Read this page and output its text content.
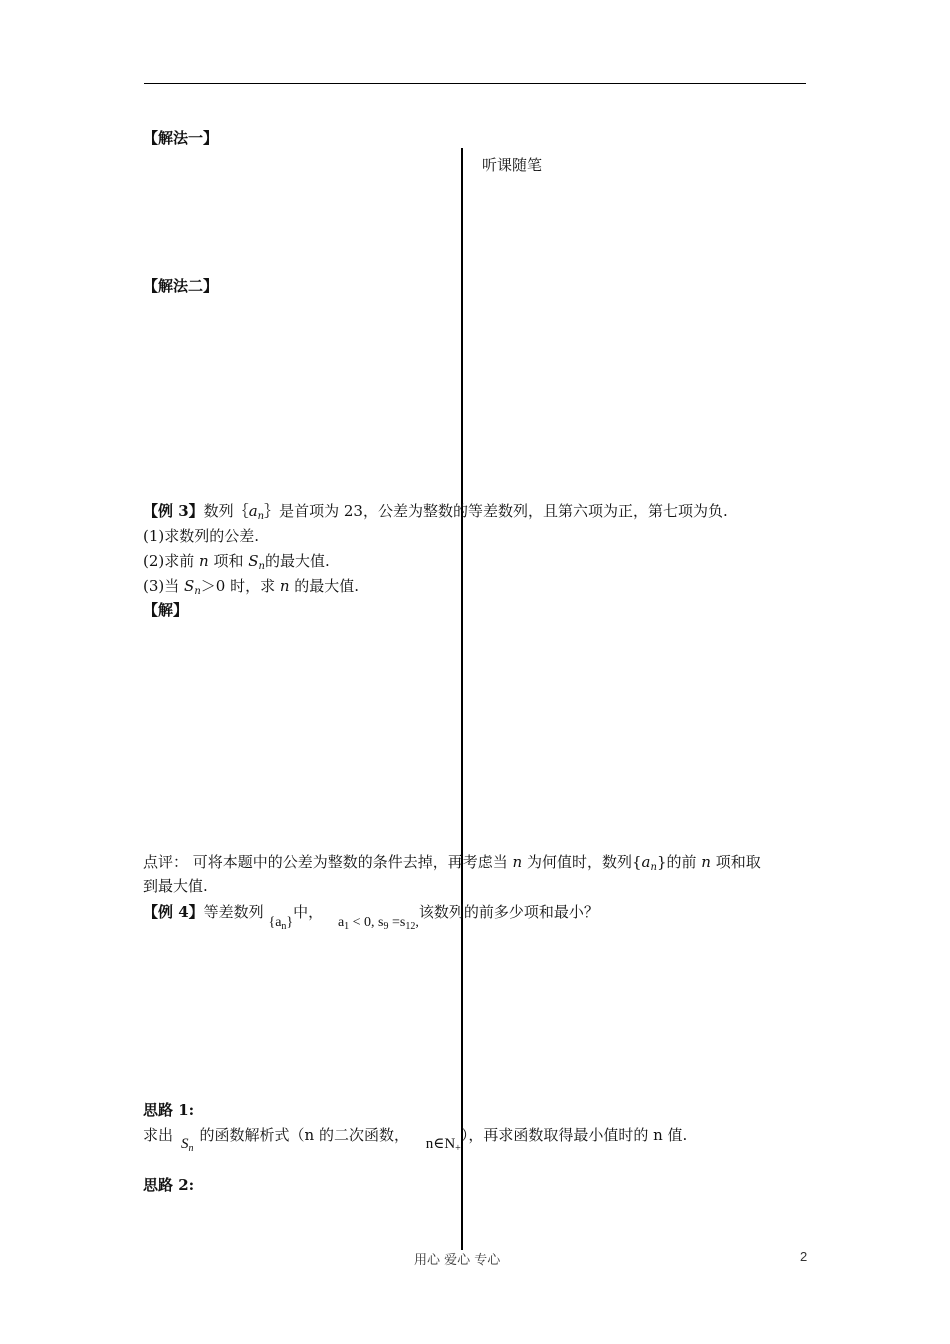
【解法一】
听课随笔
【解法二】
【例 3】数列$\{a_n\}$是首项为 23，公差为整数的等差数列，且第六项为正，第七项为负.
(1)求数列的公差.
(2)求前 n 项和 $S_n$的最大值.
(3)当 $S_n>0$ 时，求 n 的最大值.
【解】
点评： 可将本题中的公差为整数的条件去掉，再考虑当 n 为何值时，数列$\{a_n\}$的前 n 项和取
到最大值.
【例 4】等差数列 $\{a_n\}$中， $a_1 < 0$, $s_9 =s_{12}$,该数列的前多少项和最小？
思路 1:
求出 $S_n$的函数解析式（n 的二次函数， $n\in N_+$），再求函数取得最小值时的 n 值.
思路 2:
用心 爱心 专心	2
